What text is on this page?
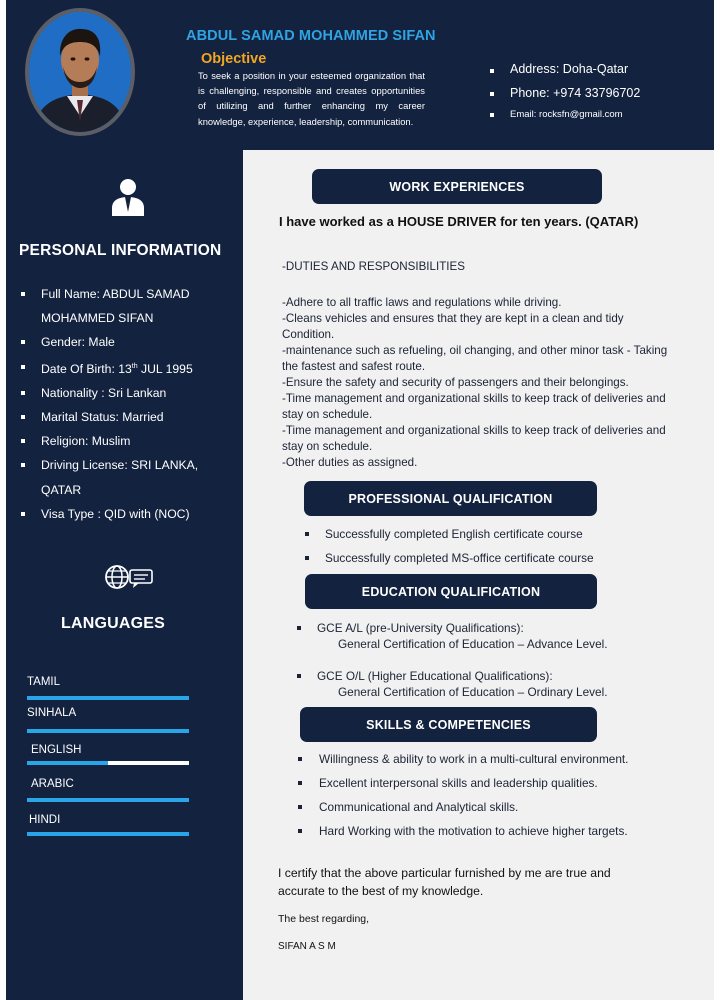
ABDUL SAMAD MOHAMMED SIFAN
Objective
To seek a position in your esteemed organization that is challenging, responsible and creates opportunities of utilizing and further enhancing my career knowledge, experience, leadership, communication.
Address: Doha-Qatar
Phone: +974 33796702
Email: rocksfn@gmail.com
PERSONAL INFORMATION
Full Name: ABDUL SAMAD
MOHAMMED SIFAN
Gender: Male
Date Of Birth: 13th JUL 1995
Nationality : Sri Lankan
Marital Status: Married
Religion: Muslim
Driving License: SRI LANKA, QATAR
Visa Type : QID with (NOC)
LANGUAGES
TAMIL
SINHALA
ENGLISH
ARABIC
HINDI
WORK EXPERIENCES
I have worked as a HOUSE DRIVER for ten years. (QATAR)
-DUTIES AND RESPONSIBILITIES
-Adhere to all traffic laws and regulations while driving.
-Cleans vehicles and ensures that they are kept in a clean and tidy Condition.
-maintenance such as refueling, oil changing, and other minor task - Taking the fastest and safest route.
-Ensure the safety and security of passengers and their belongings.
-Time management and organizational skills to keep track of deliveries and stay on schedule.
-Time management and organizational skills to keep track of deliveries and stay on schedule.
-Other duties as assigned.
PROFESSIONAL QUALIFICATION
Successfully completed English certificate course
Successfully completed MS-office certificate course
EDUCATION QUALIFICATION
GCE A/L (pre-University Qualifications):
General Certification of Education – Advance Level.
GCE O/L (Higher Educational Qualifications):
General Certification of Education – Ordinary Level.
SKILLS & COMPETENCIES
Willingness & ability to work in a multi-cultural environment.
Excellent interpersonal skills and leadership qualities.
Communicational and Analytical skills.
Hard Working with the motivation to achieve higher targets.
I certify that the above particular furnished by me are true and accurate to the best of my knowledge.
The best regarding,
SIFAN A S M
